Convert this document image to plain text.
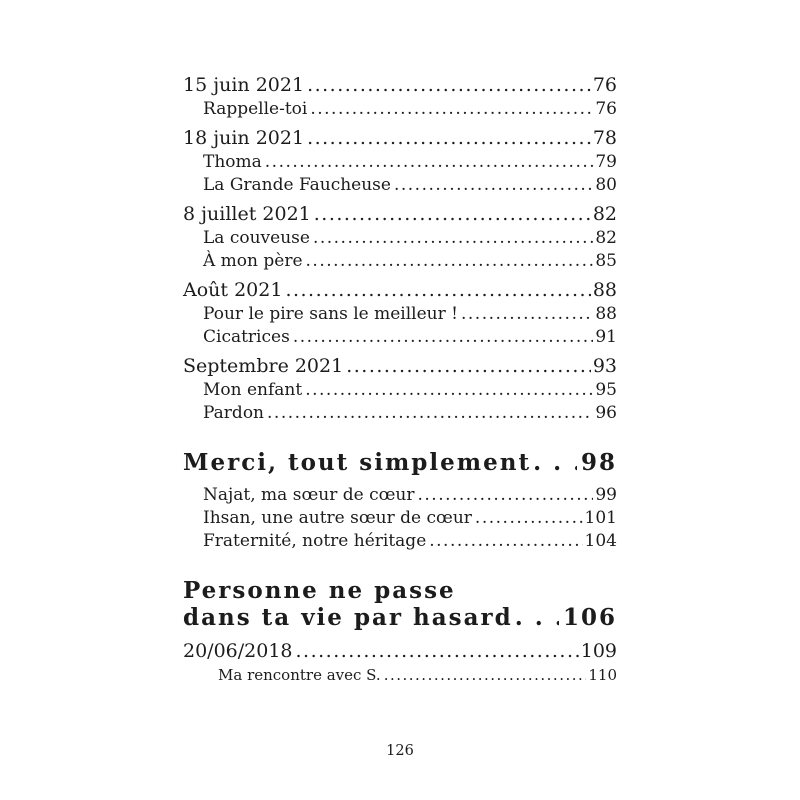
15 juin 2021 .....	76
Rappelle-toi .....	76
18 juin 2021 .....	78
Thoma .....	79
La Grande Faucheuse .....	80
8 juillet 2021 .....	82
La couveuse .....	82
À mon père .....	85
Août 2021 .....	88
Pour le pire sans le meilleur ! .....	88
Cicatrices .....	91
Septembre 2021 .....	93
Mon enfant .....	95
Pardon .....	96
Merci, tout simplement . . . 98
Najat, ma sœur de cœur .....	99
Ihsan, une autre sœur de cœur .....	101
Fraternité, notre héritage .....	104
Personne ne passe
dans ta vie par hasard . . . 106
20/06/2018 .....	109
Ma rencontre avec S. .....	110
126
